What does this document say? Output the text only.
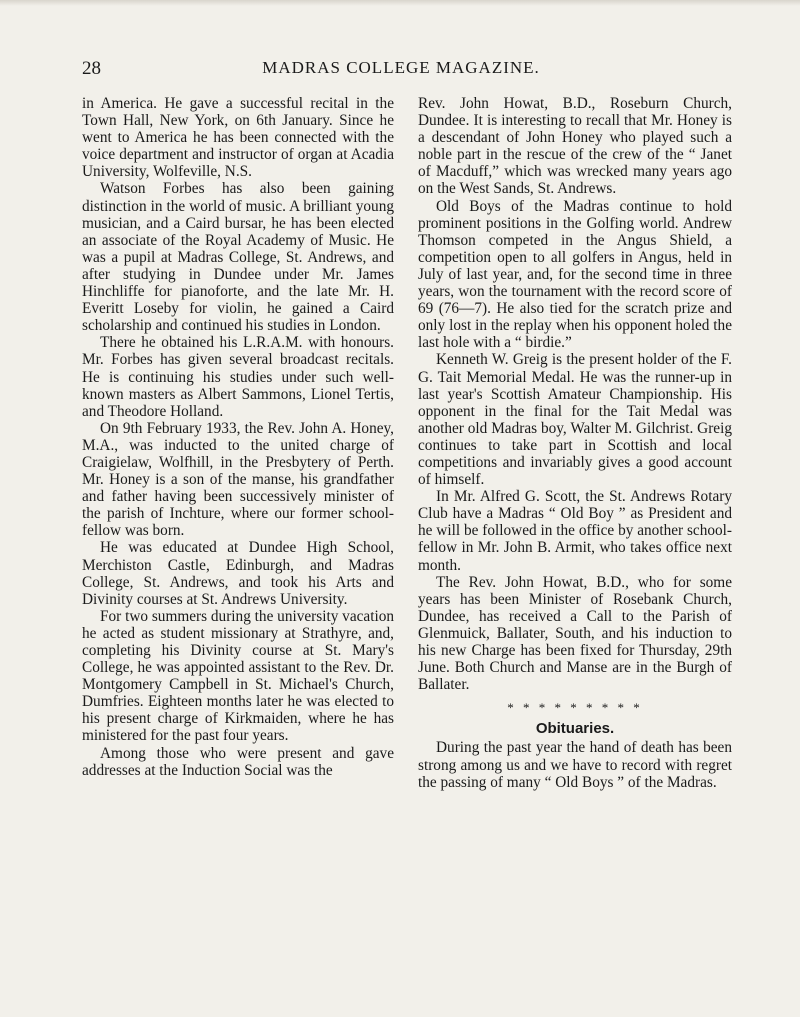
28	MADRAS COLLEGE MAGAZINE.

in America. He gave a successful recital in the Town Hall, New York, on 6th January. Since he went to America he has been connected with the voice department and instructor of organ at Acadia University, Wolfeville, N.S.

Watson Forbes has also been gaining distinction in the world of music. A brilliant young musician, and a Caird bursar, he has been elected an associate of the Royal Academy of Music. He was a pupil at Madras College, St. Andrews, and after studying in Dundee under Mr. James Hinchliffe for pianoforte, and the late Mr. H. Everitt Loseby for violin, he gained a Caird scholarship and continued his studies in London.

There he obtained his L.R.A.M. with honours. Mr. Forbes has given several broadcast recitals. He is continuing his studies under such well-known masters as Albert Sammons, Lionel Tertis, and Theodore Holland.

On 9th February 1933, the Rev. John A. Honey, M.A., was inducted to the united charge of Craigielaw, Wolfhill, in the Presbytery of Perth. Mr. Honey is a son of the manse, his grandfather and father having been successively minister of the parish of Inchture, where our former school-fellow was born.

He was educated at Dundee High School, Merchiston Castle, Edinburgh, and Madras College, St. Andrews, and took his Arts and Divinity courses at St. Andrews University.

For two summers during the university vacation he acted as student missionary at Strathyre, and, completing his Divinity course at St. Mary's College, he was appointed assistant to the Rev. Dr. Montgomery Campbell in St. Michael's Church, Dumfries. Eighteen months later he was elected to his present charge of Kirkmaiden, where he has ministered for the past four years.

Among those who were present and gave addresses at the Induction Social was the

Rev. John Howat, B.D., Roseburn Church, Dundee. It is interesting to recall that Mr. Honey is a descendant of John Honey who played such a noble part in the rescue of the crew of the “ Janet of Macduff,” which was wrecked many years ago on the West Sands, St. Andrews.

Old Boys of the Madras continue to hold prominent positions in the Golfing world. Andrew Thomson competed in the Angus Shield, a competition open to all golfers in Angus, held in July of last year, and, for the second time in three years, won the tournament with the record score of 69 (76—7). He also tied for the scratch prize and only lost in the replay when his opponent holed the last hole with a “ birdie.”

Kenneth W. Greig is the present holder of the F. G. Tait Memorial Medal. He was the runner-up in last year's Scottish Amateur Championship. His opponent in the final for the Tait Medal was another old Madras boy, Walter M. Gilchrist. Greig continues to take part in Scottish and local competitions and invariably gives a good account of himself.

In Mr. Alfred G. Scott, the St. Andrews Rotary Club have a Madras “ Old Boy ” as President and he will be followed in the office by another school-fellow in Mr. John B. Armit, who takes office next month.

The Rev. John Howat, B.D., who for some years has been Minister of Rosebank Church, Dundee, has received a Call to the Parish of Glenmuick, Ballater, South, and his induction to his new Charge has been fixed for Thursday, 29th June. Both Church and Manse are in the Burgh of Ballater.

* * * * * * * * *
Obituaries.

During the past year the hand of death has been strong among us and we have to record with regret the passing of many “ Old Boys ” of the Madras.
